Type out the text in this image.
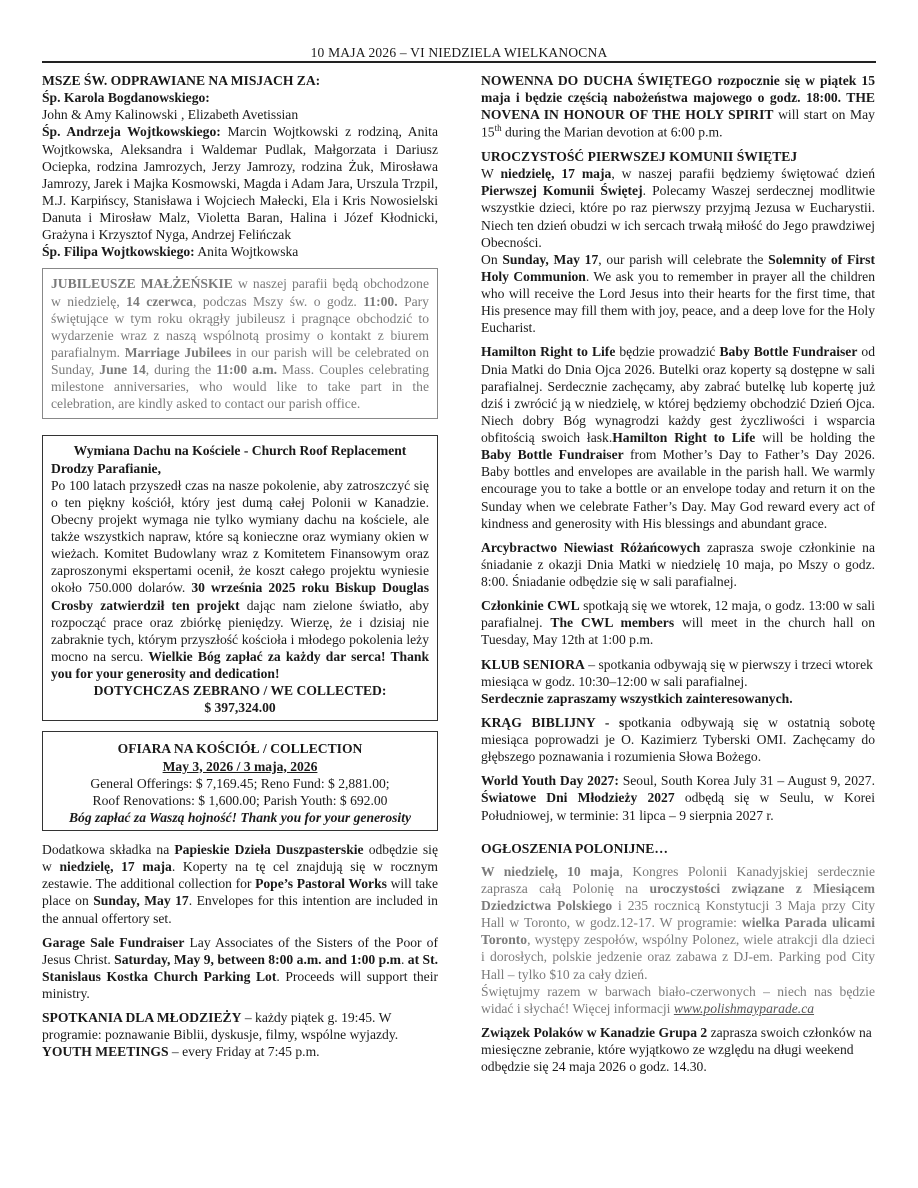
10 MAJA 2026 – VI NIEDZIELA WIELKANOCNA

MSZE ŚW. ODPRAWIANE NA MISJACH ZA:

Śp. Karola Bogdanowskiego:

John & Amy Kalinowski , Elizabeth Avetissian

Śp. Andrzeja Wojtkowskiego: Marcin Wojtkowski z rodziną, Anita Wojtkowska, Aleksandra i Waldemar Pudlak, Małgorzata i Dariusz Ociepka, rodzina Jamrozych, Jerzy Jamrozy, rodzina Żuk, Mirosława Jamrozy, Jarek i Majka Kosmowski, Magda i Adam Jara, Urszula Trzpil, M.J. Karpińscy, Stanisława i Wojciech Małecki, Ela i Kris Nowosielski Danuta i Mirosław Malz, Violetta Baran, Halina i Józef Kłodnicki, Grażyna i Krzysztof Nyga, Andrzej Felińczak

Śp. Filipa Wojtkowskiego: Anita Wojtkowska

JUBILEUSZE MAŁŻEŃSKIE w naszej parafii będą obchodzone w niedzielę, 14 czerwca, podczas Mszy św. o godz. 11:00. Pary świętujące w tym roku okrągły jubileusz i pragnące obchodzić to wydarzenie wraz z naszą wspólnotą prosimy o kontakt z biurem parafialnym. Marriage Jubilees in our parish will be celebrated on Sunday, June 14, during the 11:00 a.m. Mass. Couples celebrating milestone anniversaries, who would like to take part in the celebration, are kindly asked to contact our parish office.

Wymiana Dachu na Kościele - Church Roof Replacement

Drodzy Parafianie,

Po 100 latach przyszedł czas na nasze pokolenie, aby zatroszczyć się o ten piękny kościół, który jest dumą całej Polonii w Kanadzie. Obecny projekt wymaga nie tylko wymiany dachu na kościele, ale także wszystkich napraw, które są konieczne oraz wymiany okien w wieżach. Komitet Budowlany wraz z Komitetem Finansowym oraz zaproszonymi ekspertami ocenił, że koszt całego projektu wyniesie około 750.000 dolarów. 30 września 2025 roku Biskup Douglas Crosby zatwierdził ten projekt dając nam zielone światło, aby rozpocząć prace oraz zbiórkę pieniędzy. Wierzę, że i dzisiaj nie zabraknie tych, którym przyszłość kościoła i młodego pokolenia leży mocno na sercu. Wielkie Bóg zapłać za każdy dar serca! Thank you for your generosity and dedication!

DOTYCHCZAS ZEBRANO / WE COLLECTED:

$ 397,324.00

OFIARA NA KOŚCIÓŁ / COLLECTION

May 3, 2026 / 3 maja, 2026

General Offerings: $ 7,169.45; Reno Fund: $ 2,881.00;

Roof Renovations: $ 1,600.00; Parish Youth: $ 692.00

Bóg zapłać za Waszą hojność! Thank you for your generosity

Dodatkowa składka na Papieskie Dzieła Duszpasterskie odbędzie się w niedzielę, 17 maja. Koperty na tę cel znajdują się w rocznym zestawie. The additional collection for Pope’s Pastoral Works will take place on Sunday, May 17. Envelopes for this intention are included in the annual offertory set.

Garage Sale Fundraiser Lay Associates of the Sisters of the Poor of Jesus Christ. Saturday, May 9, between 8:00 a.m. and 1:00 p.m. at St. Stanislaus Kostka Church Parking Lot. Proceeds will support their ministry.

SPOTKANIA DLA MŁODZIEŻY – każdy piątek g. 19:45. W programie: poznawanie Biblii, dyskusje, filmy, wspólne wyjazdy. YOUTH MEETINGS – every Friday at 7:45 p.m.

NOWENNA DO DUCHA ŚWIĘTEGO rozpocznie się w piątek 15 maja i będzie częścią nabożeństwa majowego o godz. 18:00. THE NOVENA IN HONOUR OF THE HOLY SPIRIT will start on May 15th during the Marian devotion at 6:00 p.m.

UROCZYSTOŚĆ PIERWSZEJ KOMUNII ŚWIĘTEJ

W niedzielę, 17 maja, w naszej parafii będziemy świętować dzień Pierwszej Komunii Świętej. Polecamy Waszej serdecznej modlitwie wszystkie dzieci, które po raz pierwszy przyjmą Jezusa w Eucharystii. Niech ten dzień obudzi w ich sercach trwałą miłość do Jego prawdziwej Obecności.

On Sunday, May 17, our parish will celebrate the Solemnity of First Holy Communion. We ask you to remember in prayer all the children who will receive the Lord Jesus into their hearts for the first time, that His presence may fill them with joy, peace, and a deep love for the Holy Eucharist.

Hamilton Right to Life będzie prowadzić Baby Bottle Fundraiser od Dnia Matki do Dnia Ojca 2026. Butelki oraz koperty są dostępne w sali parafialnej. Serdecznie zachęcamy, aby zabrać butelkę lub kopertę już dziś i zwrócić ją w niedzielę, w której będziemy obchodzić Dzień Ojca. Niech dobry Bóg wynagrodzi każdy gest życzliwości i wsparcia obfitością swoich łask.Hamilton Right to Life will be holding the Baby Bottle Fundraiser from Mother’s Day to Father’s Day 2026. Baby bottles and envelopes are available in the parish hall. We warmly encourage you to take a bottle or an envelope today and return it on the Sunday when we celebrate Father’s Day. May God reward every act of kindness and generosity with His blessings and abundant grace.

Arcybractwo Niewiast Różańcowych zaprasza swoje członkinie na śniadanie z okazji Dnia Matki w niedzielę 10 maja, po Mszy o godz. 8:00. Śniadanie odbędzie się w sali parafialnej.

Członkinie CWL spotkają się we wtorek, 12 maja, o godz. 13:00 w sali parafialnej. The CWL members will meet in the church hall on Tuesday, May 12th at 1:00 p.m.

KLUB SENIORA – spotkania odbywają się w pierwszy i trzeci wtorek miesiąca w godz. 10:30–12:00 w sali parafialnej.

Serdecznie zapraszamy wszystkich zainteresowanych.

KRĄG BIBLIJNY - spotkania odbywają się w ostatnią sobotę miesiąca poprowadzi je O. Kazimierz Tyberski OMI. Zachęcamy do głębszego poznawania i rozumienia Słowa Bożego.

World Youth Day 2027: Seoul, South Korea July 31 – August 9, 2027. Światowe Dni Młodzieży 2027 odbędą się w Seulu, w Korei Południowej, w terminie: 31 lipca – 9 sierpnia 2027 r.

OGŁOSZENIA POLONIJNE…

W niedzielę, 10 maja, Kongres Polonii Kanadyjskiej serdecznie zaprasza całą Polonię na uroczystości związane z Miesiącem Dziedzictwa Polskiego i 235 rocznicą Konstytucji 3 Maja przy City Hall w Toronto, w godz.12-17. W programie: wielka Parada ulicami Toronto, występy zespołów, wspólny Polonez, wiele atrakcji dla dzieci i dorosłych, polskie jedzenie oraz zabawa z DJ-em. Parking pod City Hall – tylko $10 za cały dzień.

Świętujmy razem w barwach biało-czerwonych – niech nas będzie widać i słychać! Więcej informacji www.polishmayparade.ca

Związek Polaków w Kanadzie Grupa 2 zaprasza swoich członków na miesięczne zebranie, które wyjątkowo ze względu na długi weekend odbędzie się 24 maja 2026 o godz. 14.30.
